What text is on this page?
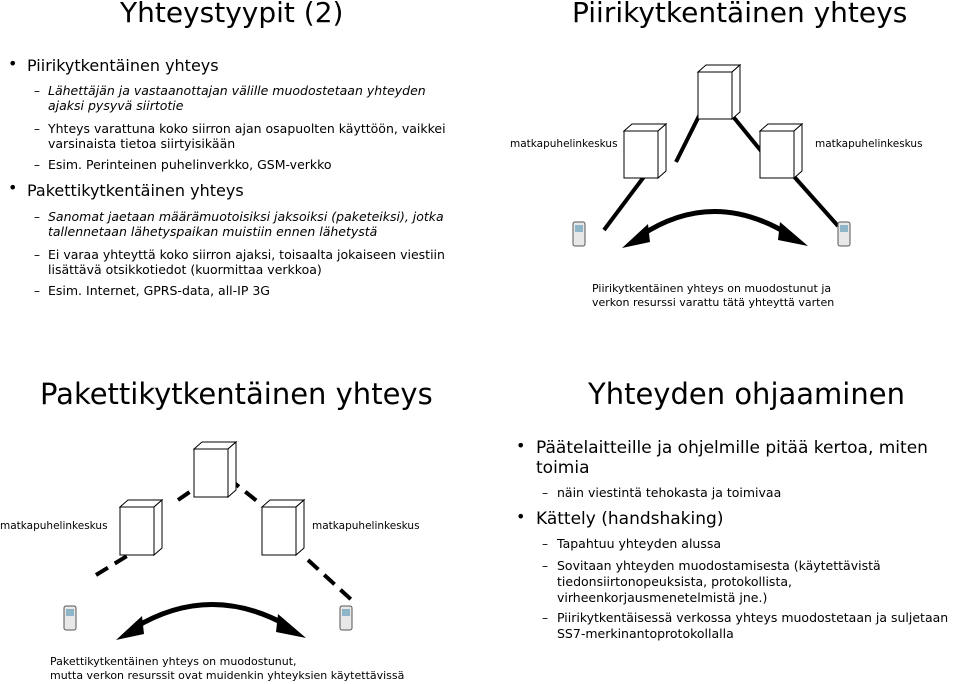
Yhteystyypit (2)
• Piirikytkentäinen yhteys
– Lähettäjän ja vastaanottajan välille muodostetaan yhteyden
ajaksi pysyvä siirtotie
– Yhteys varattuna koko siirron ajan osapuolten käyttöön, vaikkei
varsinaista tietoa siirtyisikään
– Esim. Perinteinen puhelinverkko, GSM-verkko
• Pakettikytkentäinen yhteys
– Sanomat jaetaan määrämuotoisiksi jaksoiksi (paketeiksi), jotka
tallennetaan lähetyspaikan muistiin ennen lähetystä
– Ei varaa yhteyttä koko siirron ajaksi, toisaalta jokaiseen viestiin
lisättävä otsikkotiedot (kuormittaa verkkoa)
– Esim. Internet, GPRS-data, all-IP 3G
Piirikytkentäinen yhteys
matkapuhelinkeskus	matkapuhelinkeskus
Piirikytkentäinen yhteys on muodostunut ja
verkon resurssi varattu tätä yhteyttä varten
Pakettikytkentäinen yhteys
matkapuhelinkeskus	matkapuhelinkeskus
Pakettikytkentäinen yhteys on muodostunut,
mutta verkon resurssit ovat muidenkin yhteyksien käytettävissä
Yhteyden ohjaaminen
• Päätelaitteille ja ohjelmille pitää kertoa, miten
toimia
– näin viestintä tehokasta ja toimivaa
• Kättely (handshaking)
– Tapahtuu yhteyden alussa
– Sovitaan yhteyden muodostamisesta (käytettävistä
tiedonsiirtonopeuksista, protokollista,
virheenkorjausmenetelmistä jne.)
– Piirikytkentäisessä verkossa yhteys muodostetaan ja suljetaan
SS7-merkinantoprotokollalla
